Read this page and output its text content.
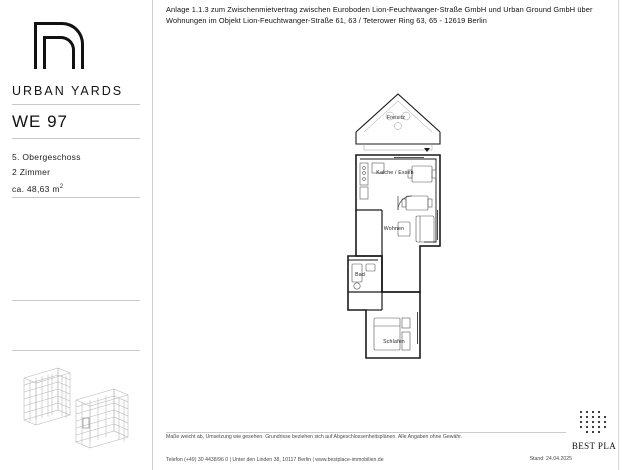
URBAN YARDS
WE 97
5. Obergeschoss
2 Zimmer
ca. 48,63 $m^2$
Anlage 1.1.3 zum Zwischenmietvertrag zwischen Euroboden Lion-Feuchtwanger-Straße GmbH und Urban Ground GmbH über
Wohnungen im Objekt Lion-Feuchtwanger-Straße 61, 63 / Teterower Ring 63, 65 - 12619 Berlin
Freisitz
Kalche / Essen
Wohnen
Bad
Schlafen
Maße weicht ab, Umsetzung wie gesehen. Grundrisse beziehen sich auf Abgeschlossenheitsplänen. Alle Angaben ohne Gewähr.
Telefon (+49) 30 4438/96 0 | Unter den Linden 38, 10117 Berlin | www.bestplace-immobilien.de	Stand: 24.04.2025
BEST PLA
